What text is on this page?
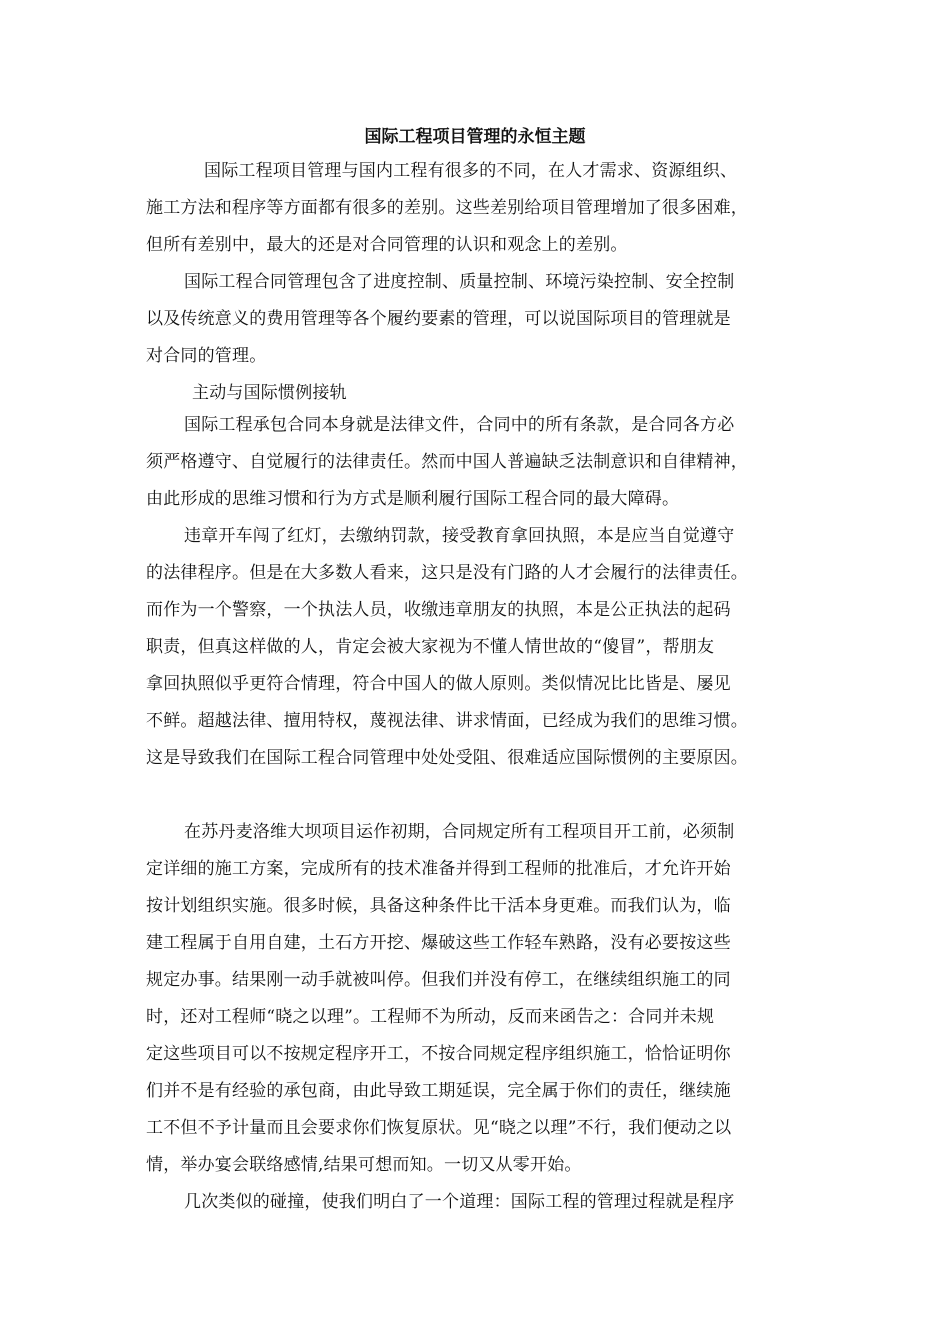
国际工程项目管理的永恒主题
国际工程项目管理与国内工程有很多的不同，在人才需求、资源组织、
施工方法和程序等方面都有很多的差别。这些差别给项目管理增加了很多困难，
但所有差别中，最大的还是对合同管理的认识和观念上的差别。
国际工程合同管理包含了进度控制、质量控制、环境污染控制、安全控制
以及传统意义的费用管理等各个履约要素的管理，可以说国际项目的管理就是
对合同的管理。
主动与国际惯例接轨
国际工程承包合同本身就是法律文件，合同中的所有条款，是合同各方必
须严格遵守、自觉履行的法律责任。然而中国人普遍缺乏法制意识和自律精神，
由此形成的思维习惯和行为方式是顺利履行国际工程合同的最大障碍。
违章开车闯了红灯，去缴纳罚款，接受教育拿回执照，本是应当自觉遵守
的法律程序。但是在大多数人看来，这只是没有门路的人才会履行的法律责任。
而作为一个警察，一个执法人员，收缴违章朋友的执照，本是公正执法的起码
职责，但真这样做的人，肯定会被大家视为不懂人情世故的“傻冒”，帮朋友
拿回执照似乎更符合情理，符合中国人的做人原则。类似情况比比皆是、屡见
不鲜。超越法律、擅用特权，蔑视法律、讲求情面，已经成为我们的思维习惯。
这是导致我们在国际工程合同管理中处处受阻、很难适应国际惯例的主要原因。
在苏丹麦洛维大坝项目运作初期，合同规定所有工程项目开工前，必须制
定详细的施工方案，完成所有的技术准备并得到工程师的批准后，才允许开始
按计划组织实施。很多时候，具备这种条件比干活本身更难。而我们认为，临
建工程属于自用自建，土石方开挖、爆破这些工作轻车熟路，没有必要按这些
规定办事。结果刚一动手就被叫停。但我们并没有停工，在继续组织施工的同
时，还对工程师“晓之以理”。工程师不为所动，反而来函告之：合同并未规
定这些项目可以不按规定程序开工，不按合同规定程序组织施工，恰恰证明你
们并不是有经验的承包商，由此导致工期延误，完全属于你们的责任，继续施
工不但不予计量而且会要求你们恢复原状。见“晓之以理”不行，我们便动之以
情，举办宴会联络感情,结果可想而知。一切又从零开始。
几次类似的碰撞，使我们明白了一个道理：国际工程的管理过程就是程序
